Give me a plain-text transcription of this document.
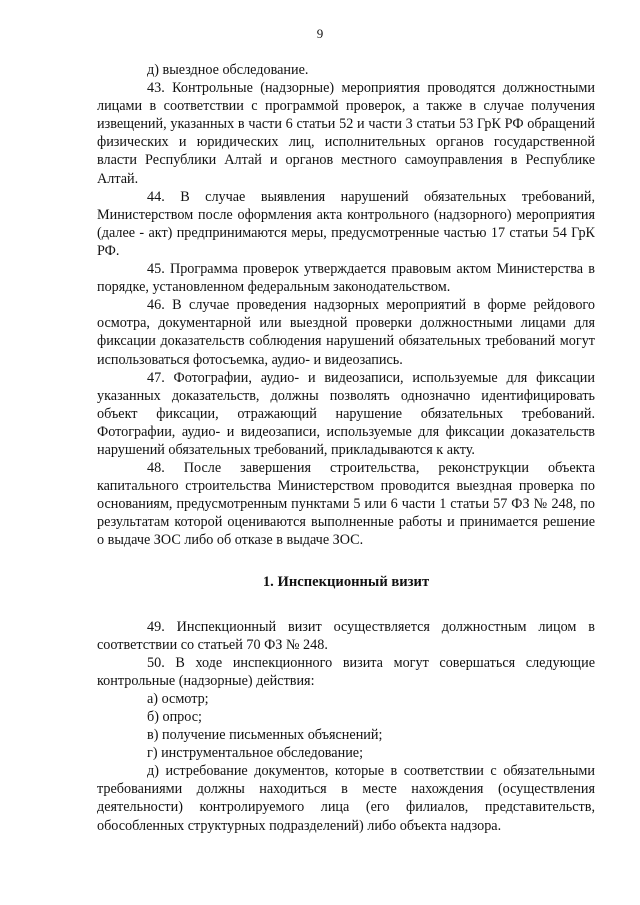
9

д) выездное обследование.

43. Контрольные (надзорные) мероприятия проводятся должностными лицами в соответствии с программой проверок, а также в случае получения извещений, указанных в части 6 статьи 52 и части 3 статьи 53 ГрК РФ обращений физических и юридических лиц, исполнительных органов государственной власти Республики Алтай и органов местного самоуправления в Республике Алтай.

44. В случае выявления нарушений обязательных требований, Министерством после оформления акта контрольного (надзорного) мероприятия (далее - акт) предпринимаются меры, предусмотренные частью 17 статьи 54 ГрК РФ.

45. Программа проверок утверждается правовым актом Министерства в порядке, установленном федеральным законодательством.

46. В случае проведения надзорных мероприятий в форме рейдового осмотра, документарной или выездной проверки должностными лицами для фиксации доказательств соблюдения нарушений обязательных требований могут использоваться фотосъемка, аудио- и видеозапись.

47. Фотографии, аудио- и видеозаписи, используемые для фиксации указанных доказательств, должны позволять однозначно идентифицировать объект фиксации, отражающий нарушение обязательных требований. Фотографии, аудио- и видеозаписи, используемые для фиксации доказательств нарушений обязательных требований, прикладываются к акту.

48. После завершения строительства, реконструкции объекта капитального строительства Министерством проводится выездная проверка по основаниям, предусмотренным пунктами 5 или 6 части 1 статьи 57 ФЗ № 248, по результатам которой оцениваются выполненные работы и принимается решение о выдаче ЗОС либо об отказе в выдаче ЗОС.

1. Инспекционный визит

49. Инспекционный визит осуществляется должностным лицом в соответствии со статьей 70 ФЗ № 248.

50. В ходе инспекционного визита могут совершаться следующие контрольные (надзорные) действия:

а) осмотр;

б) опрос;

в) получение письменных объяснений;

г) инструментальное обследование;

д) истребование документов, которые в соответствии с обязательными требованиями должны находиться в месте нахождения (осуществления деятельности) контролируемого лица (его филиалов, представительств, обособленных структурных подразделений) либо объекта надзора.
